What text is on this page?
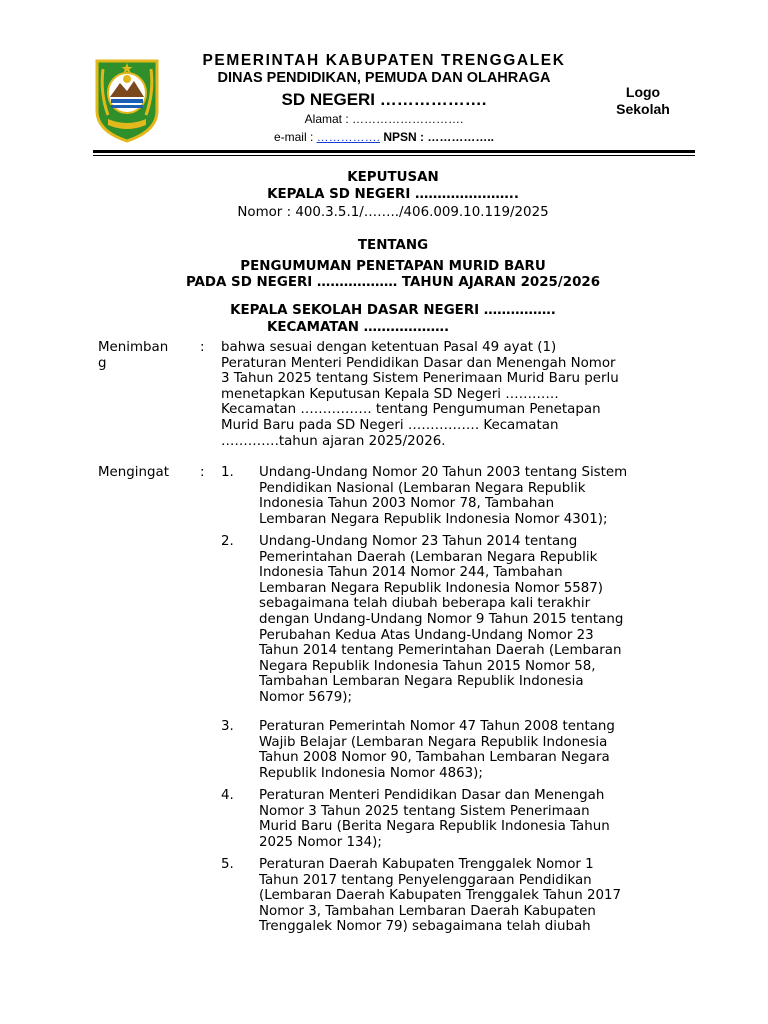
PEMERINTAH KABUPATEN TRENGGALEK
DINAS PENDIDIKAN, PEMUDA DAN OLAHRAGA
SD NEGERI ……………….
Alamat : ……………………….
e-mail : ……………. NPSN : ……………..
Logo
Sekolah
KEPUTUSAN
KEPALA SD NEGERI …………………..
Nomor : 400.3.5.1/……../406.009.10.119/2025
TENTANG
PENGUMUMAN PENETAPAN MURID BARU
PADA SD NEGERI ……………… TAHUN AJARAN 2025/2026
KEPALA SEKOLAH DASAR NEGERI …………….
KECAMATAN ……………….
Menimban
g
: bahwa sesuai dengan ketentuan Pasal 49 ayat (1)
Peraturan Menteri Pendidikan Dasar dan Menengah Nomor
3 Tahun 2025 tentang Sistem Penerimaan Murid Baru perlu
menetapkan Keputusan Kepala SD Negeri …………
Kecamatan ……………. tentang Pengumuman Penetapan
Murid Baru pada SD Negeri ……………. Kecamatan
………….tahun ajaran 2025/2026.
Mengingat	: 1. Undang-Undang Nomor 20 Tahun 2003 tentang Sistem
Pendidikan Nasional (Lembaran Negara Republik
Indonesia Tahun 2003 Nomor 78, Tambahan
Lembaran Negara Republik Indonesia Nomor 4301);
2. Undang-Undang Nomor 23 Tahun 2014 tentang
Pemerintahan Daerah (Lembaran Negara Republik
Indonesia Tahun 2014 Nomor 244, Tambahan
Lembaran Negara Republik Indonesia Nomor 5587)
sebagaimana telah diubah beberapa kali terakhir
dengan Undang-Undang Nomor 9 Tahun 2015 tentang
Perubahan Kedua Atas Undang-Undang Nomor 23
Tahun 2014 tentang Pemerintahan Daerah (Lembaran
Negara Republik Indonesia Tahun 2015 Nomor 58,
Tambahan Lembaran Negara Republik Indonesia
Nomor 5679);
3. Peraturan Pemerintah Nomor 47 Tahun 2008 tentang
Wajib Belajar (Lembaran Negara Republik Indonesia
Tahun 2008 Nomor 90, Tambahan Lembaran Negara
Republik Indonesia Nomor 4863);
4. Peraturan Menteri Pendidikan Dasar dan Menengah
Nomor 3 Tahun 2025 tentang Sistem Penerimaan
Murid Baru (Berita Negara Republik Indonesia Tahun
2025 Nomor 134);
5. Peraturan Daerah Kabupaten Trenggalek Nomor 1
Tahun 2017 tentang Penyelenggaraan Pendidikan
(Lembaran Daerah Kabupaten Trenggalek Tahun 2017
Nomor 3, Tambahan Lembaran Daerah Kabupaten
Trenggalek Nomor 79) sebagaimana telah diubah
